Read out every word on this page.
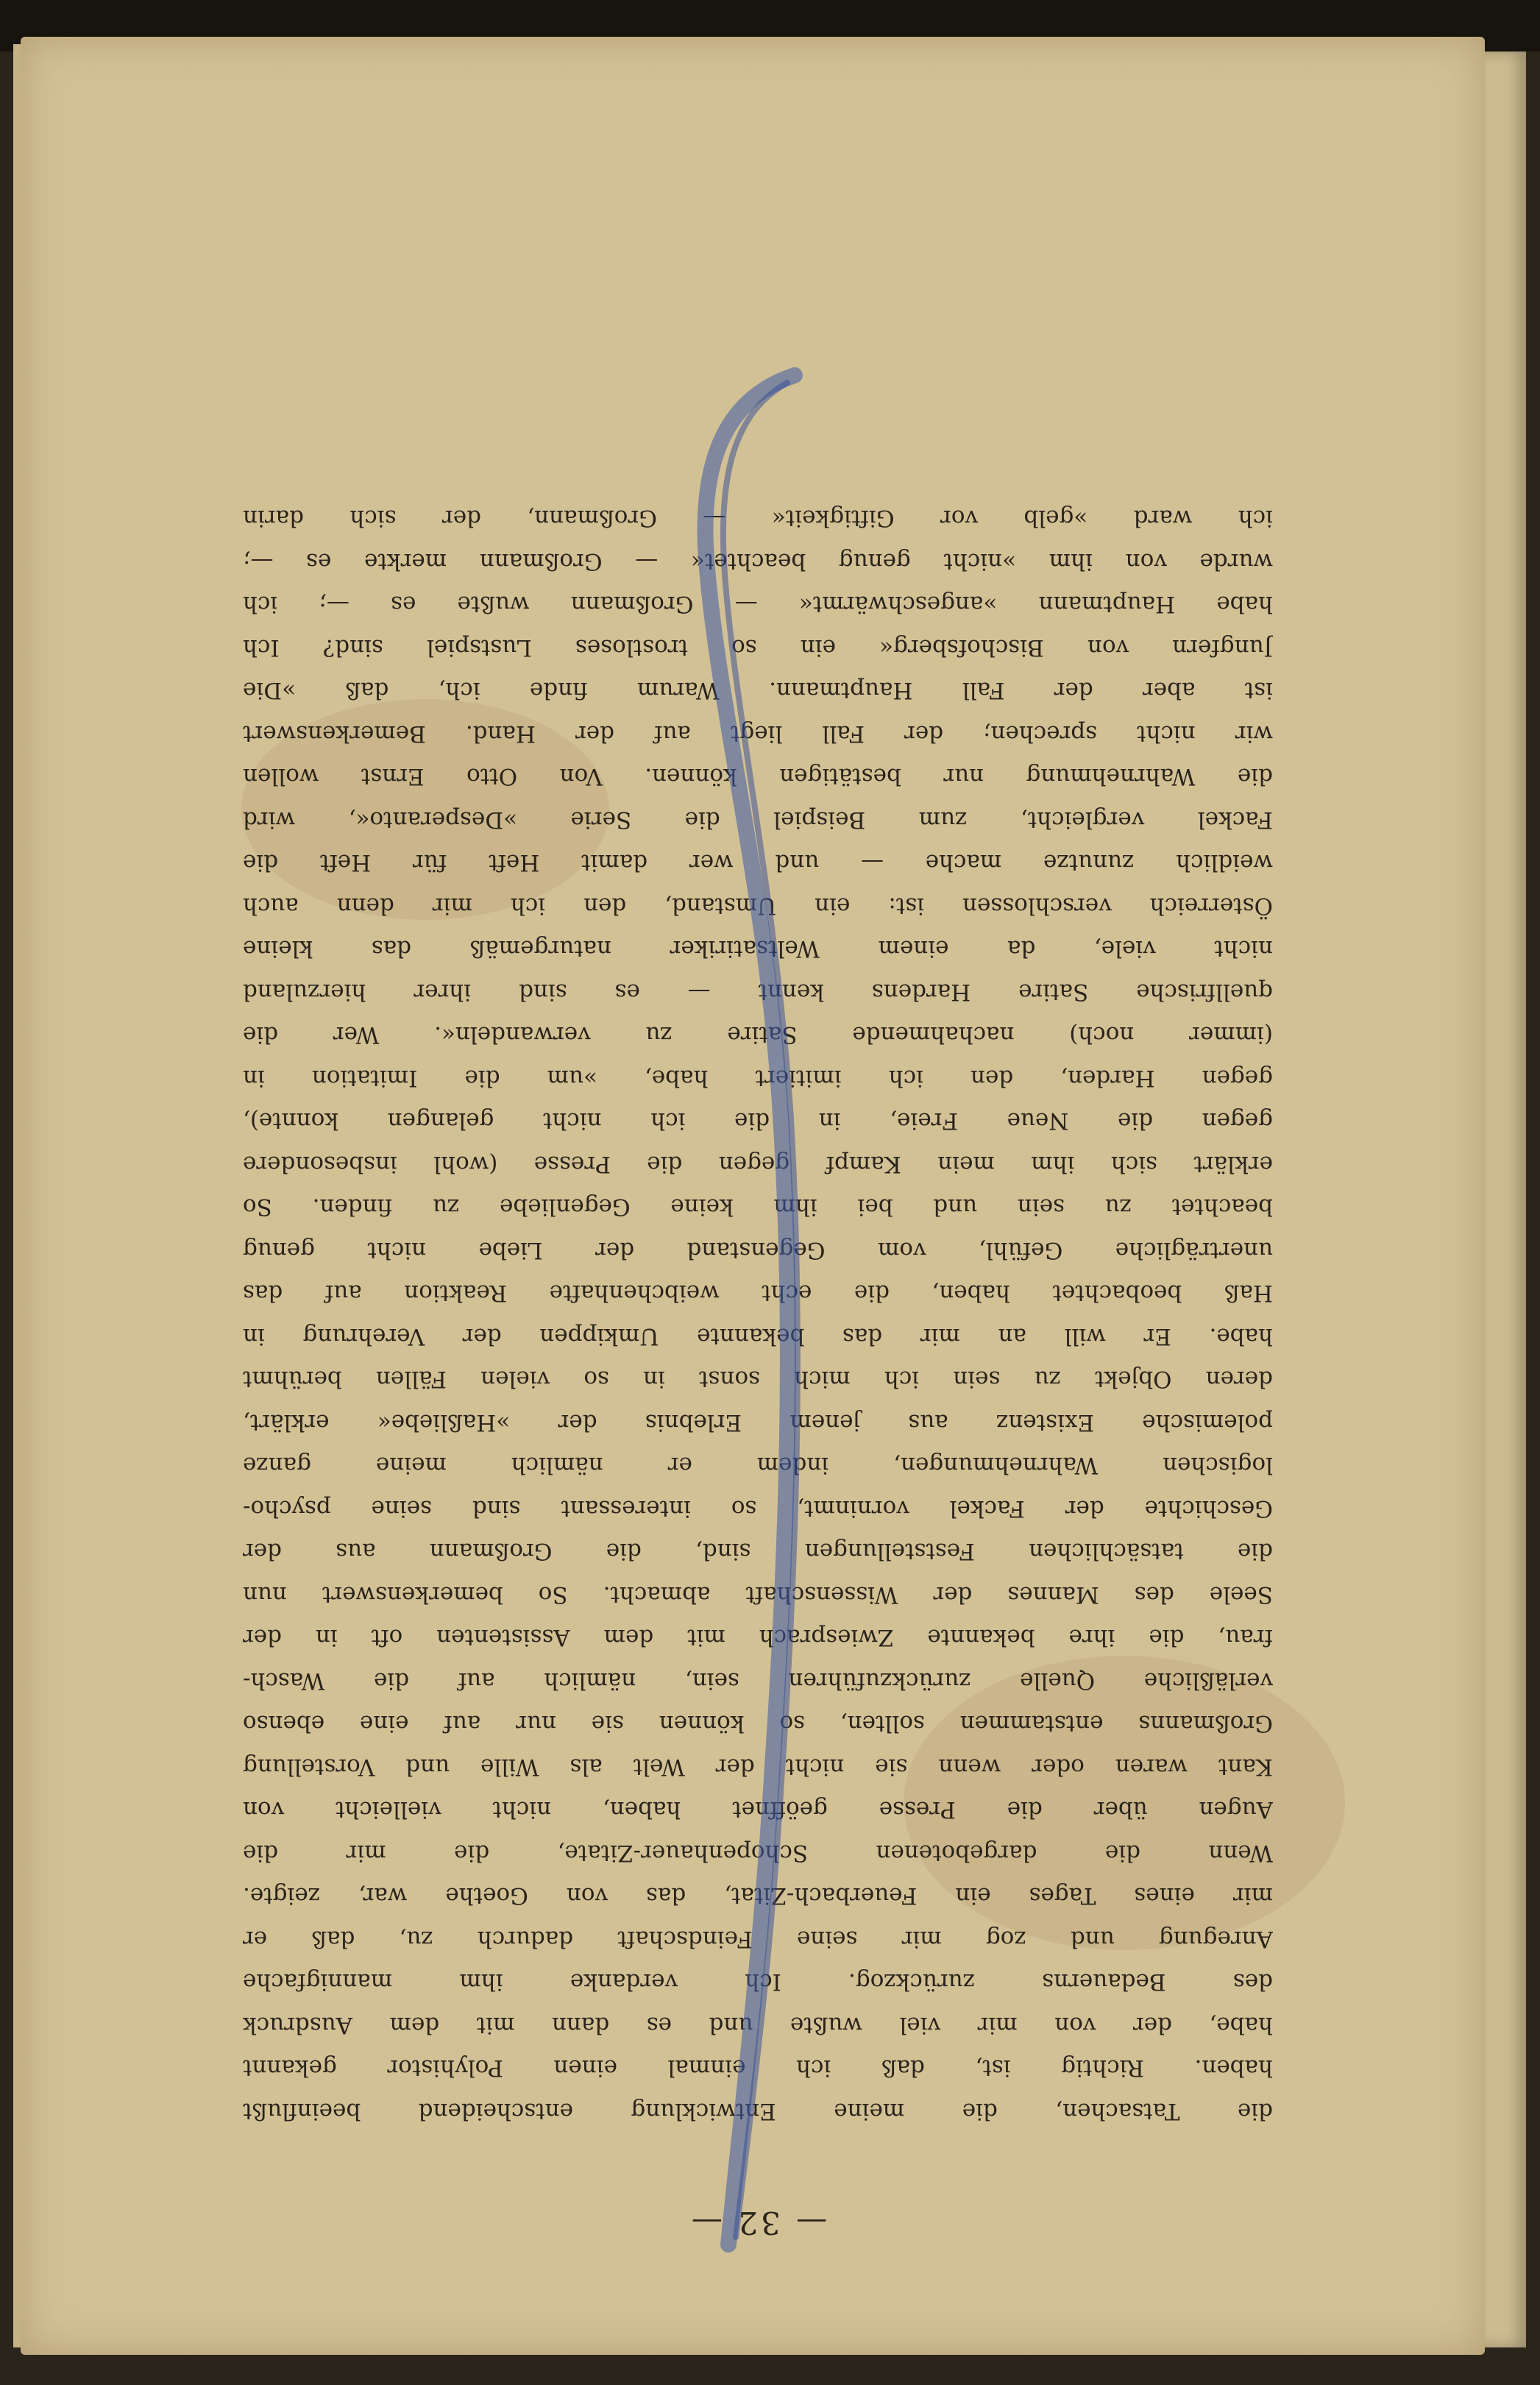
— 32 —
die Tatsachen, die meine Entwicklung entscheidend beeinflußt
haben. Richtig ist, daß ich einmal einen Polyhistor gekannt
habe, der von mir viel wußte und es dann mit dem Ausdruck
des Bedauerns zurückzog. Ich verdanke ihm mannigfache
Anregung und zog mir seine Feindschaft dadurch zu, daß er
mir eines Tages ein Feuerbach-Zitat, das von Goethe war, zeigte.
Wenn die dargebotenen Schopenhauer-Zitate, die mir die
Augen über die Presse geöffnet haben, nicht vielleicht von
Kant waren oder wenn sie nicht der Welt als Wille und Vorstellung
Großmanns entstammen sollten, so können sie nur auf eine ebenso
verläßliche Quelle zurückzuführen sein, nämlich auf die Wasch-
frau, die ihre bekannte Zwiesprach mit dem Assistenten oft in der
Seele des Mannes der Wissenschaft abmacht. So bemerkenswert nun
die tatsächlichen Feststellungen sind, die Großmann aus der
Geschichte der Fackel vorninmt, so interessant sind seine psycho-
logischen Wahrnehmungen, indem er nämlich meine ganze
polemische Existenz aus jenem Erlebnis der »Haßliebe« erklärt,
deren Objekt zu sein ich mich sonst in so vielen Fällen berühmt
habe. Er will an mir das bekannte Umkippen der Verehrung in
Haß beobachtet haben, die echt weibchenhafte Reaktion auf das
unerträgliche Gefühl, vom Gegenstand der Liebe nicht genug
beachtet zu sein und bei ihm keine Gegenliebe zu finden. So
erklärt sich ihm mein Kampf gegen die Presse (wohl insbesondere
gegen die Neue Freie, in die ich nicht gelangen konnte),
gegen Harden, den ich imitiert habe, »um die Imitation in
(immer noch) nachahmende Satire zu verwandeln«. Wer die
quellfrische Satire Hardens kennt — es sind ihrer hierzuland
nicht viele, da einem Weltsatiriker naturgemäß das kleine
Österreich verschlossen ist: ein Umstand, den ich mir denn auch
weidlich zunutze mache — und wer damit Heft für Heft die
Fackel vergleicht, zum Beispiel die Serie »Desperanto«, wird
die Wahrnehmung nur bestätigen können. Von Otto Ernst wollen
wir nicht sprechen; der Fall liegt auf der Hand. Bemerkenswert
ist aber der Fall Hauptmann. Warum finde ich, daß »Die
Jungfern von Bischofsberg« ein so trostloses Lustspiel sind? Ich
habe Hauptmann »angeschwärmt« — Großmann wußte es —; ich
wurde von ihm »nicht genug beachtet« — Großmann merkte es —;
ich ward »gelb vor Giftigkeit« — Großmann, der sich darin
